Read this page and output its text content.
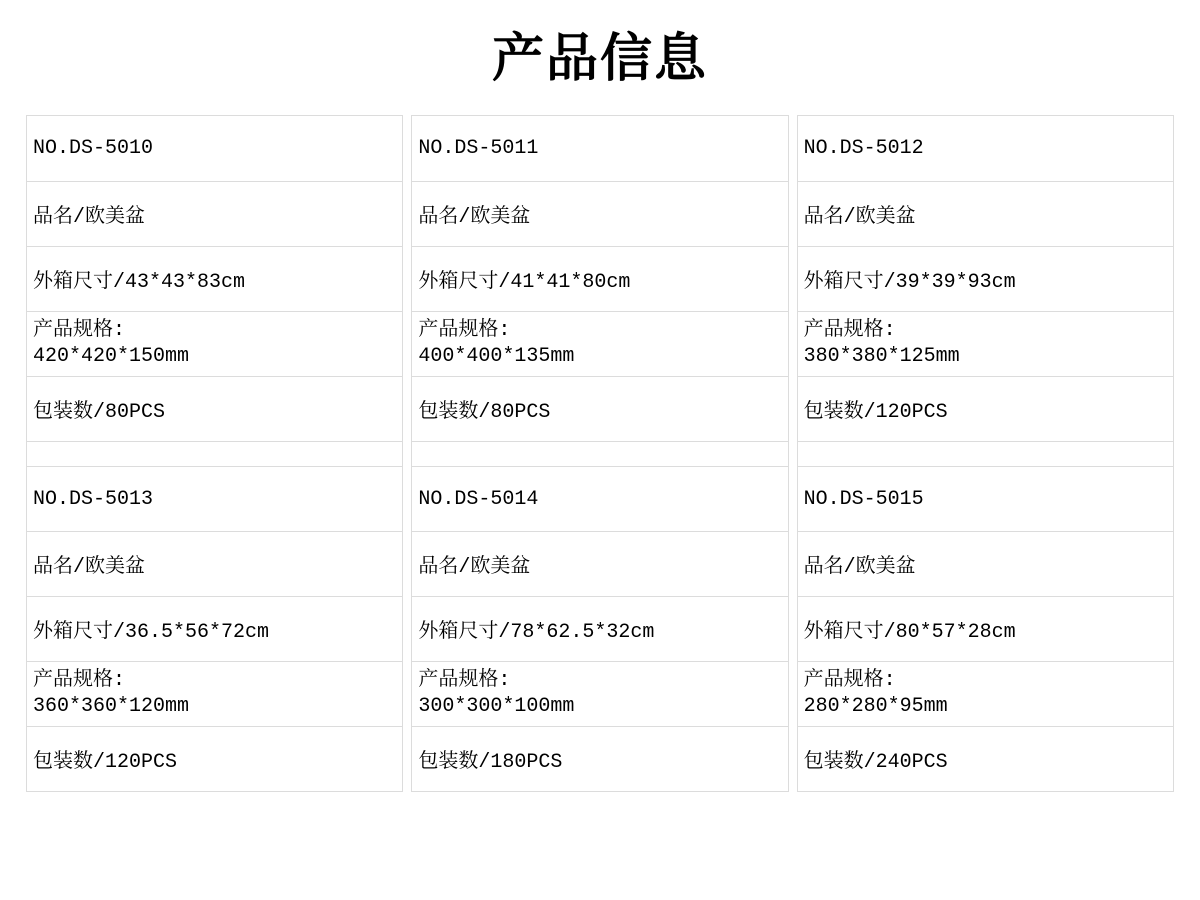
产品信息
NO.DS-5010
品名/欧美盆
外箱尺寸/43*43*83cm
产品规格:
420*420*150mm
包装数/80PCS
NO.DS-5013
品名/欧美盆
外箱尺寸/36.5*56*72cm
产品规格:
360*360*120mm
包装数/120PCS
NO.DS-5011
品名/欧美盆
外箱尺寸/41*41*80cm
产品规格:
400*400*135mm
包装数/80PCS
NO.DS-5014
品名/欧美盆
外箱尺寸/78*62.5*32cm
产品规格:
300*300*100mm
包装数/180PCS
NO.DS-5012
品名/欧美盆
外箱尺寸/39*39*93cm
产品规格:
380*380*125mm
包装数/120PCS
NO.DS-5015
品名/欧美盆
外箱尺寸/80*57*28cm
产品规格:
280*280*95mm
包装数/240PCS
